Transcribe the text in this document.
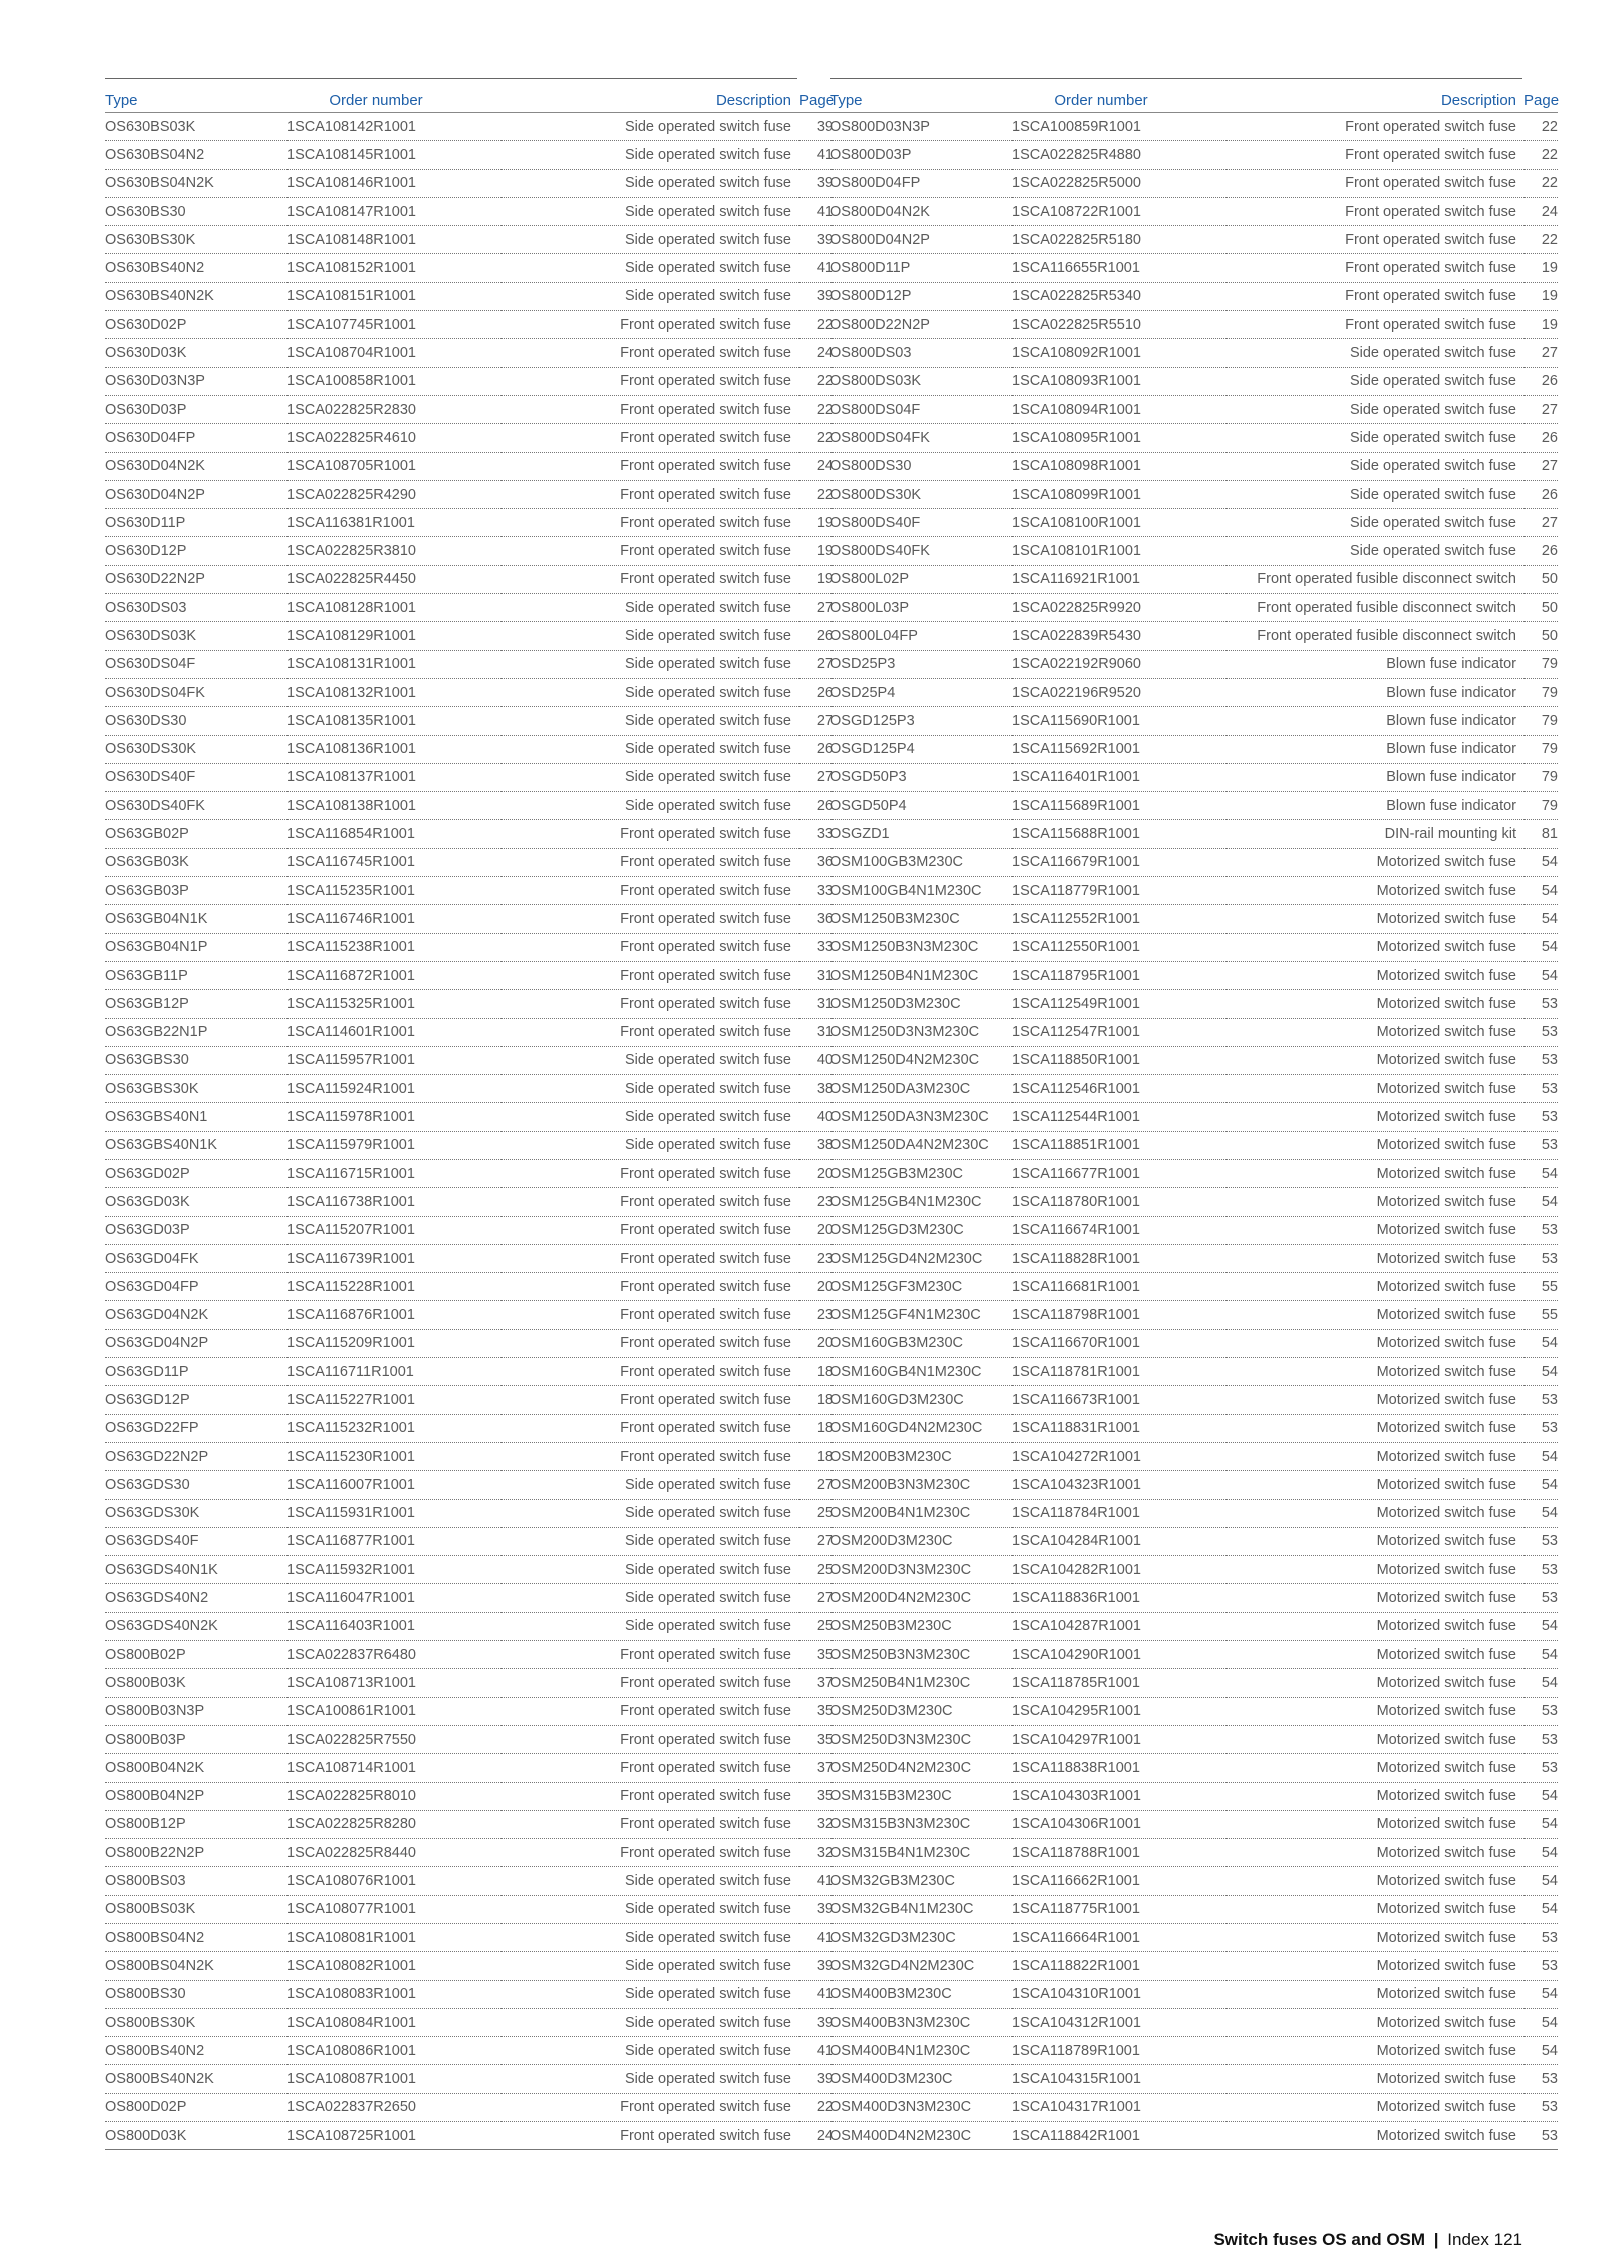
Type	Order number	Description	Page
OS630BS03K	1SCA108142R1001	Side operated switch fuse	39
OS630BS04N2	1SCA108145R1001	Side operated switch fuse	41
OS630BS04N2K	1SCA108146R1001	Side operated switch fuse	39
OS630BS30	1SCA108147R1001	Side operated switch fuse	41
OS630BS30K	1SCA108148R1001	Side operated switch fuse	39
OS630BS40N2	1SCA108152R1001	Side operated switch fuse	41
OS630BS40N2K	1SCA108151R1001	Side operated switch fuse	39
OS630D02P	1SCA107745R1001	Front operated switch fuse	22
OS630D03K	1SCA108704R1001	Front operated switch fuse	24
OS630D03N3P	1SCA100858R1001	Front operated switch fuse	22
OS630D03P	1SCA022825R2830	Front operated switch fuse	22
OS630D04FP	1SCA022825R4610	Front operated switch fuse	22
OS630D04N2K	1SCA108705R1001	Front operated switch fuse	24
OS630D04N2P	1SCA022825R4290	Front operated switch fuse	22
OS630D11P	1SCA116381R1001	Front operated switch fuse	19
OS630D12P	1SCA022825R3810	Front operated switch fuse	19
OS630D22N2P	1SCA022825R4450	Front operated switch fuse	19
OS630DS03	1SCA108128R1001	Side operated switch fuse	27
OS630DS03K	1SCA108129R1001	Side operated switch fuse	26
OS630DS04F	1SCA108131R1001	Side operated switch fuse	27
OS630DS04FK	1SCA108132R1001	Side operated switch fuse	26
OS630DS30	1SCA108135R1001	Side operated switch fuse	27
OS630DS30K	1SCA108136R1001	Side operated switch fuse	26
OS630DS40F	1SCA108137R1001	Side operated switch fuse	27
OS630DS40FK	1SCA108138R1001	Side operated switch fuse	26
OS63GB02P	1SCA116854R1001	Front operated switch fuse	33
OS63GB03K	1SCA116745R1001	Front operated switch fuse	36
OS63GB03P	1SCA115235R1001	Front operated switch fuse	33
OS63GB04N1K	1SCA116746R1001	Front operated switch fuse	36
OS63GB04N1P	1SCA115238R1001	Front operated switch fuse	33
OS63GB11P	1SCA116872R1001	Front operated switch fuse	31
OS63GB12P	1SCA115325R1001	Front operated switch fuse	31
OS63GB22N1P	1SCA114601R1001	Front operated switch fuse	31
OS63GBS30	1SCA115957R1001	Side operated switch fuse	40
OS63GBS30K	1SCA115924R1001	Side operated switch fuse	38
OS63GBS40N1	1SCA115978R1001	Side operated switch fuse	40
OS63GBS40N1K	1SCA115979R1001	Side operated switch fuse	38
OS63GD02P	1SCA116715R1001	Front operated switch fuse	20
OS63GD03K	1SCA116738R1001	Front operated switch fuse	23
OS63GD03P	1SCA115207R1001	Front operated switch fuse	20
OS63GD04FK	1SCA116739R1001	Front operated switch fuse	23
OS63GD04FP	1SCA115228R1001	Front operated switch fuse	20
OS63GD04N2K	1SCA116876R1001	Front operated switch fuse	23
OS63GD04N2P	1SCA115209R1001	Front operated switch fuse	20
OS63GD11P	1SCA116711R1001	Front operated switch fuse	18
OS63GD12P	1SCA115227R1001	Front operated switch fuse	18
OS63GD22FP	1SCA115232R1001	Front operated switch fuse	18
OS63GD22N2P	1SCA115230R1001	Front operated switch fuse	18
OS63GDS30	1SCA116007R1001	Side operated switch fuse	27
OS63GDS30K	1SCA115931R1001	Side operated switch fuse	25
OS63GDS40F	1SCA116877R1001	Side operated switch fuse	27
OS63GDS40N1K	1SCA115932R1001	Side operated switch fuse	25
OS63GDS40N2	1SCA116047R1001	Side operated switch fuse	27
OS63GDS40N2K	1SCA116403R1001	Side operated switch fuse	25
OS800B02P	1SCA022837R6480	Front operated switch fuse	35
OS800B03K	1SCA108713R1001	Front operated switch fuse	37
OS800B03N3P	1SCA100861R1001	Front operated switch fuse	35
OS800B03P	1SCA022825R7550	Front operated switch fuse	35
OS800B04N2K	1SCA108714R1001	Front operated switch fuse	37
OS800B04N2P	1SCA022825R8010	Front operated switch fuse	35
OS800B12P	1SCA022825R8280	Front operated switch fuse	32
OS800B22N2P	1SCA022825R8440	Front operated switch fuse	32
OS800BS03	1SCA108076R1001	Side operated switch fuse	41
OS800BS03K	1SCA108077R1001	Side operated switch fuse	39
OS800BS04N2	1SCA108081R1001	Side operated switch fuse	41
OS800BS04N2K	1SCA108082R1001	Side operated switch fuse	39
OS800BS30	1SCA108083R1001	Side operated switch fuse	41
OS800BS30K	1SCA108084R1001	Side operated switch fuse	39
OS800BS40N2	1SCA108086R1001	Side operated switch fuse	41
OS800BS40N2K	1SCA108087R1001	Side operated switch fuse	39
OS800D02P	1SCA022837R2650	Front operated switch fuse	22
OS800D03K	1SCA108725R1001	Front operated switch fuse	24
Type	Order number	Description	Page
OS800D03N3P	1SCA100859R1001	Front operated switch fuse	22
OS800D03P	1SCA022825R4880	Front operated switch fuse	22
OS800D04FP	1SCA022825R5000	Front operated switch fuse	22
OS800D04N2K	1SCA108722R1001	Front operated switch fuse	24
OS800D04N2P	1SCA022825R5180	Front operated switch fuse	22
OS800D11P	1SCA116655R1001	Front operated switch fuse	19
OS800D12P	1SCA022825R5340	Front operated switch fuse	19
OS800D22N2P	1SCA022825R5510	Front operated switch fuse	19
OS800DS03	1SCA108092R1001	Side operated switch fuse	27
OS800DS03K	1SCA108093R1001	Side operated switch fuse	26
OS800DS04F	1SCA108094R1001	Side operated switch fuse	27
OS800DS04FK	1SCA108095R1001	Side operated switch fuse	26
OS800DS30	1SCA108098R1001	Side operated switch fuse	27
OS800DS30K	1SCA108099R1001	Side operated switch fuse	26
OS800DS40F	1SCA108100R1001	Side operated switch fuse	27
OS800DS40FK	1SCA108101R1001	Side operated switch fuse	26
OS800L02P	1SCA116921R1001	Front operated fusible disconnect switch	50
OS800L03P	1SCA022825R9920	Front operated fusible disconnect switch	50
OS800L04FP	1SCA022839R5430	Front operated fusible disconnect switch	50
OSD25P3	1SCA022192R9060	Blown fuse indicator	79
OSD25P4	1SCA022196R9520	Blown fuse indicator	79
OSGD125P3	1SCA115690R1001	Blown fuse indicator	79
OSGD125P4	1SCA115692R1001	Blown fuse indicator	79
OSGD50P3	1SCA116401R1001	Blown fuse indicator	79
OSGD50P4	1SCA115689R1001	Blown fuse indicator	79
OSGZD1	1SCA115688R1001	DIN-rail mounting kit	81
OSM100GB3M230C	1SCA116679R1001	Motorized switch fuse	54
OSM100GB4N1M230C	1SCA118779R1001	Motorized switch fuse	54
OSM1250B3M230C	1SCA112552R1001	Motorized switch fuse	54
OSM1250B3N3M230C	1SCA112550R1001	Motorized switch fuse	54
OSM1250B4N1M230C	1SCA118795R1001	Motorized switch fuse	54
OSM1250D3M230C	1SCA112549R1001	Motorized switch fuse	53
OSM1250D3N3M230C	1SCA112547R1001	Motorized switch fuse	53
OSM1250D4N2M230C	1SCA118850R1001	Motorized switch fuse	53
OSM1250DA3M230C	1SCA112546R1001	Motorized switch fuse	53
OSM1250DA3N3M230C	1SCA112544R1001	Motorized switch fuse	53
OSM1250DA4N2M230C	1SCA118851R1001	Motorized switch fuse	53
OSM125GB3M230C	1SCA116677R1001	Motorized switch fuse	54
OSM125GB4N1M230C	1SCA118780R1001	Motorized switch fuse	54
OSM125GD3M230C	1SCA116674R1001	Motorized switch fuse	53
OSM125GD4N2M230C	1SCA118828R1001	Motorized switch fuse	53
OSM125GF3M230C	1SCA116681R1001	Motorized switch fuse	55
OSM125GF4N1M230C	1SCA118798R1001	Motorized switch fuse	55
OSM160GB3M230C	1SCA116670R1001	Motorized switch fuse	54
OSM160GB4N1M230C	1SCA118781R1001	Motorized switch fuse	54
OSM160GD3M230C	1SCA116673R1001	Motorized switch fuse	53
OSM160GD4N2M230C	1SCA118831R1001	Motorized switch fuse	53
OSM200B3M230C	1SCA104272R1001	Motorized switch fuse	54
OSM200B3N3M230C	1SCA104323R1001	Motorized switch fuse	54
OSM200B4N1M230C	1SCA118784R1001	Motorized switch fuse	54
OSM200D3M230C	1SCA104284R1001	Motorized switch fuse	53
OSM200D3N3M230C	1SCA104282R1001	Motorized switch fuse	53
OSM200D4N2M230C	1SCA118836R1001	Motorized switch fuse	53
OSM250B3M230C	1SCA104287R1001	Motorized switch fuse	54
OSM250B3N3M230C	1SCA104290R1001	Motorized switch fuse	54
OSM250B4N1M230C	1SCA118785R1001	Motorized switch fuse	54
OSM250D3M230C	1SCA104295R1001	Motorized switch fuse	53
OSM250D3N3M230C	1SCA104297R1001	Motorized switch fuse	53
OSM250D4N2M230C	1SCA118838R1001	Motorized switch fuse	53
OSM315B3M230C	1SCA104303R1001	Motorized switch fuse	54
OSM315B3N3M230C	1SCA104306R1001	Motorized switch fuse	54
OSM315B4N1M230C	1SCA118788R1001	Motorized switch fuse	54
OSM32GB3M230C	1SCA116662R1001	Motorized switch fuse	54
OSM32GB4N1M230C	1SCA118775R1001	Motorized switch fuse	54
OSM32GD3M230C	1SCA116664R1001	Motorized switch fuse	53
OSM32GD4N2M230C	1SCA118822R1001	Motorized switch fuse	53
OSM400B3M230C	1SCA104310R1001	Motorized switch fuse	54
OSM400B3N3M230C	1SCA104312R1001	Motorized switch fuse	54
OSM400B4N1M230C	1SCA118789R1001	Motorized switch fuse	54
OSM400D3M230C	1SCA104315R1001	Motorized switch fuse	53
OSM400D3N3M230C	1SCA104317R1001	Motorized switch fuse	53
OSM400D4N2M230C	1SCA118842R1001	Motorized switch fuse	53
Switch fuses OS and OSM | Index 121
